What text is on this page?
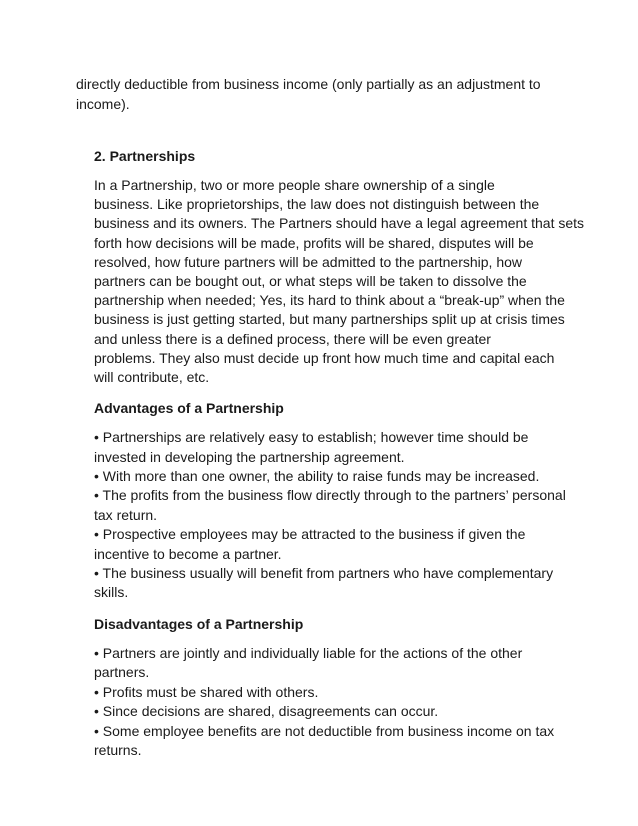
directly deductible from business income (only partially as an adjustment to
income).

2. Partnerships

In a Partnership, two or more people share ownership of a single
business. Like proprietorships, the law does not distinguish between the
business and its owners. The Partners should have a legal agreement that sets
forth how decisions will be made, profits will be shared, disputes will be
resolved, how future partners will be admitted to the partnership, how
partners can be bought out, or what steps will be taken to dissolve the
partnership when needed; Yes, its hard to think about a “break-up” when the
business is just getting started, but many partnerships split up at crisis times
and unless there is a defined process, there will be even greater
problems. They also must decide up front how much time and capital each
will contribute, etc.

Advantages of a Partnership
• Partnerships are relatively easy to establish; however time should be
invested in developing the partnership agreement.
• With more than one owner, the ability to raise funds may be increased.
• The profits from the business flow directly through to the partners’ personal
tax return.
• Prospective employees may be attracted to the business if given the
incentive to become a partner.
• The business usually will benefit from partners who have complementary
skills.
Disadvantages of a Partnership
• Partners are jointly and individually liable for the actions of the other
partners.
• Profits must be shared with others.
• Since decisions are shared, disagreements can occur.
• Some employee benefits are not deductible from business income on tax
returns.
